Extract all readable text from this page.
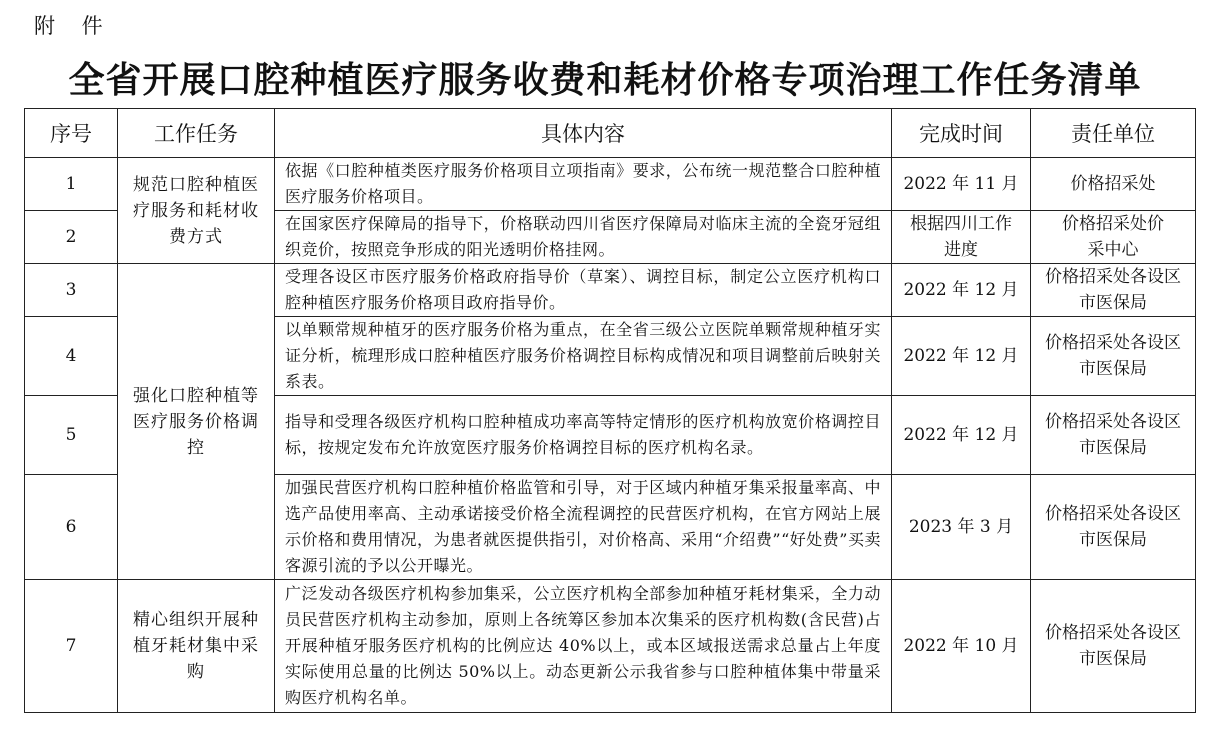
附 件
全省开展口腔种植医疗服务收费和耗材价格专项治理工作任务清单
序号	工作任务	具体内容	完成时间	责任单位
1	规范口腔种植医疗服务和耗材收费方式	依据《口腔种植类医疗服务价格项目立项指南》要求，公布统一规范整合口腔种植医疗服务价格项目。	2022 年 11 月	价格招采处
2		在国家医疗保障局的指导下，价格联动四川省医疗保障局对临床主流的全瓷牙冠组织竞价，按照竞争形成的阳光透明价格挂网。	根据四川工作进度	价格招采处价采中心
3	强化口腔种植等医疗服务价格调控	受理各设区市医疗服务价格政府指导价（草案）、调控目标，制定公立医疗机构口腔种植医疗服务价格项目政府指导价。	2022 年 12 月	价格招采处各设区市医保局
4		以单颗常规种植牙的医疗服务价格为重点，在全省三级公立医院单颗常规种植牙实证分析，梳理形成口腔种植医疗服务价格调控目标构成情况和项目调整前后映射关系表。	2022 年 12 月	价格招采处各设区市医保局
5		指导和受理各级医疗机构口腔种植成功率高等特定情形的医疗机构放宽价格调控目标，按规定发布允许放宽医疗服务价格调控目标的医疗机构名录。	2022 年 12 月	价格招采处各设区市医保局
6		加强民营医疗机构口腔种植价格监管和引导，对于区域内种植牙集采报量率高、中选产品使用率高、主动承诺接受价格全流程调控的民营医疗机构，在官方网站上展示价格和费用情况，为患者就医提供指引，对价格高、采用“介绍费”“好处费”买卖客源引流的予以公开曝光。	2023 年 3 月	价格招采处各设区市医保局
7	精心组织开展种植牙耗材集中采购	广泛发动各级医疗机构参加集采，公立医疗机构全部参加种植牙耗材集采，全力动员民营医疗机构主动参加，原则上各统筹区参加本次集采的医疗机构数(含民营)占开展种植牙服务医疗机构的比例应达 40%以上，或本区域报送需求总量占上年度实际使用总量的比例达 50%以上。动态更新公示我省参与口腔种植体集中带量采购医疗机构名单。	2022 年 10 月	价格招采处各设区市医保局
